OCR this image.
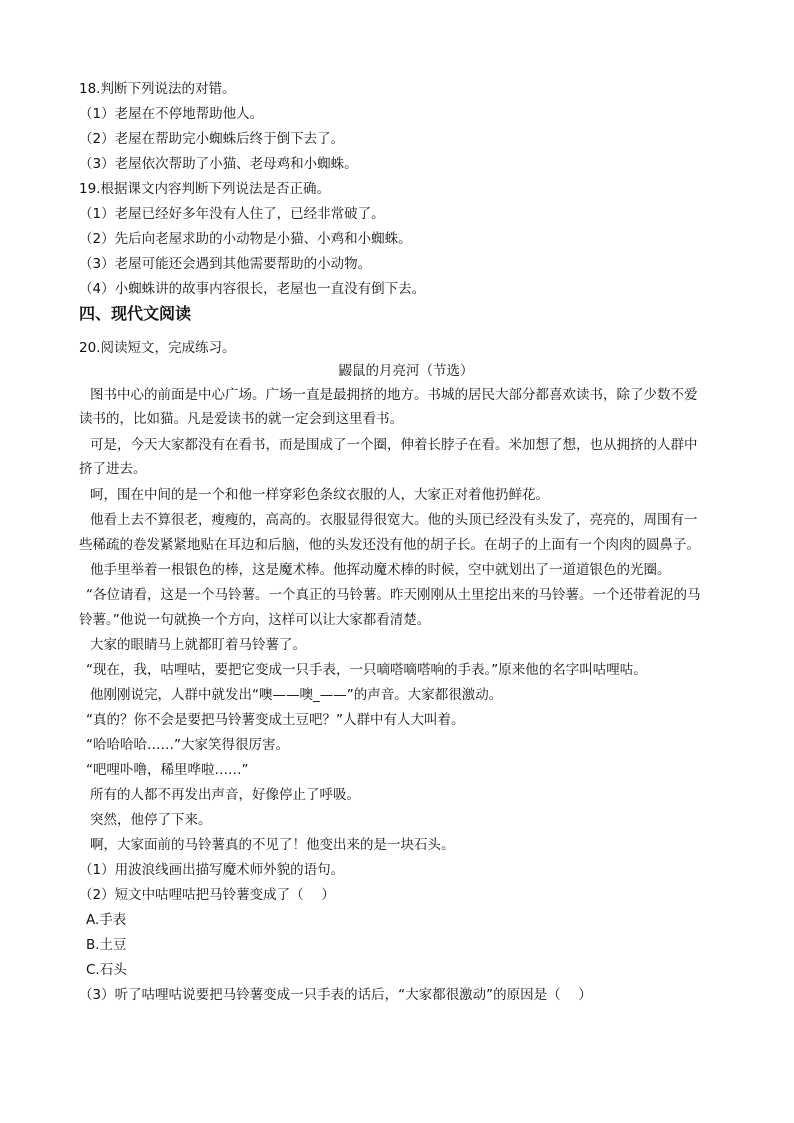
18.判断下列说法的对错。
（1）老屋在不停地帮助他人。
（2）老屋在帮助完小蜘蛛后终于倒下去了。
（3）老屋依次帮助了小猫、老母鸡和小蜘蛛。
19.根据课文内容判断下列说法是否正确。
（1）老屋已经好多年没有人住了，已经非常破了。
（2）先后向老屋求助的小动物是小猫、小鸡和小蜘蛛。
（3）老屋可能还会遇到其他需要帮助的小动物。
（4）小蜘蛛讲的故事内容很长，老屋也一直没有倒下去。
四、现代文阅读
20.阅读短文，完成练习。
鼹鼠的月亮河（节选）
图书中心的前面是中心广场。广场一直是最拥挤的地方。书城的居民大部分都喜欢读书，除了少数不爱
读书的，比如猫。凡是爱读书的就一定会到这里看书。
可是，今天大家都没有在看书，而是围成了一个圈，伸着长脖子在看。米加想了想，也从拥挤的人群中
挤了进去。
呵，围在中间的是一个和他一样穿彩色条纹衣服的人，大家正对着他扔鲜花。
他看上去不算很老，瘦瘦的，高高的。衣服显得很宽大。他的头顶已经没有头发了，亮亮的，周围有一
些稀疏的卷发紧紧地贴在耳边和后脑，他的头发还没有他的胡子长。在胡子的上面有一个肉肉的圆鼻子。
他手里举着一根银色的棒，这是魔术棒。他挥动魔术棒的时候，空中就划出了一道道银色的光圈。
“各位请看，这是一个马铃薯。一个真正的马铃薯。昨天刚刚从土里挖出来的马铃薯。一个还带着泥的马
铃薯。”他说一句就换一个方向，这样可以让大家都看清楚。
大家的眼睛马上就都盯着马铃薯了。
“现在，我，咕哩咕，要把它变成一只手表，一只嘀嗒嘀嗒响的手表。”原来他的名字叫咕哩咕。
他刚刚说完，人群中就发出“噢——噢_——”的声音。大家都很激动。
“真的？你不会是要把马铃薯变成土豆吧？”人群中有人大叫着。
“哈哈哈哈……”大家笑得很厉害。
“吧哩卟噜，稀里哗啦……”
所有的人都不再发出声音，好像停止了呼吸。
突然，他停了下来。
啊，大家面前的马铃薯真的不见了！他变出来的是一块石头。
（1）用波浪线画出描写魔术师外貌的语句。
（2）短文中咕哩咕把马铃薯变成了（　 ）
A.手表
B.土豆
C.石头
（3）听了咕哩咕说要把马铃薯变成一只手表的话后，“大家都很激动”的原因是（　 ）
